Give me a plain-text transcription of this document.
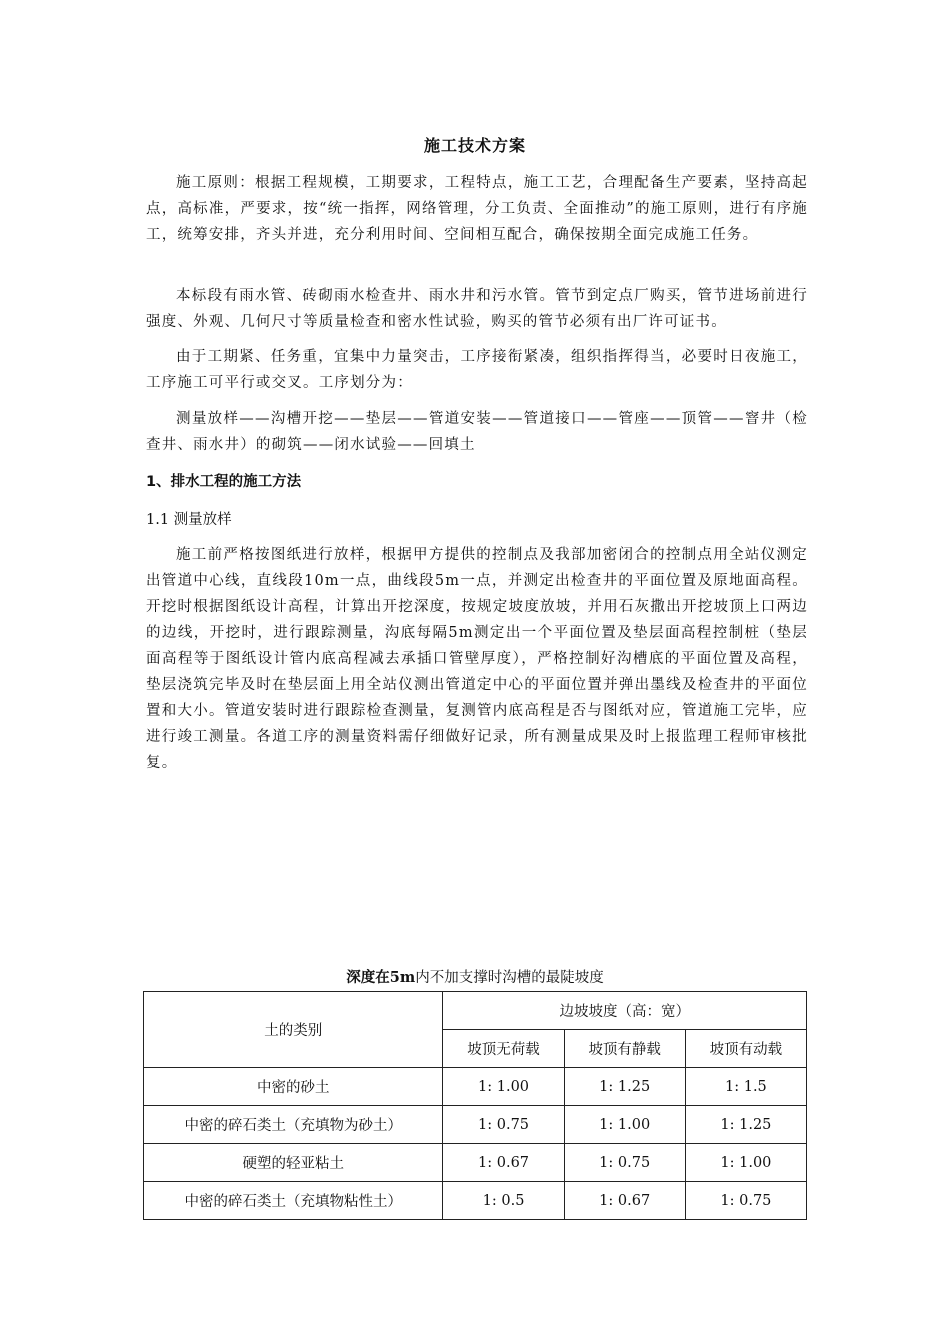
施工技术方案
施工原则：根据工程规模，工期要求，工程特点，施工工艺，合理配备生产要素，坚持高起点，高标准，严要求，按“统一指挥，网络管理，分工负责、全面推动”的施工原则，进行有序施工，统筹安排，齐头并进，充分利用时间、空间相互配合，确保按期全面完成施工任务。
本标段有雨水管、砖砌雨水检查井、雨水井和污水管。管节到定点厂购买，管节进场前进行强度、外观、几何尺寸等质量检查和密水性试验，购买的管节必须有出厂许可证书。
由于工期紧、任务重，宜集中力量突击，工序接衔紧凑，组织指挥得当，必要时日夜施工，工序施工可平行或交叉。工序划分为：
测量放样——沟槽开挖——垫层——管道安装——管道接口——管座——顶管——窨井（检查井、雨水井）的砌筑——闭水试验——回填土
1、排水工程的施工方法
1.1 测量放样
施工前严格按图纸进行放样，根据甲方提供的控制点及我部加密闭合的控制点用全站仪测定出管道中心线，直线段10m一点，曲线段5m一点，并测定出检查井的平面位置及原地面高程。开挖时根据图纸设计高程，计算出开挖深度，按规定坡度放坡，并用石灰撒出开挖坡顶上口两边的边线，开挖时，进行跟踪测量，沟底每隔5m测定出一个平面位置及垫层面高程控制桩（垫层面高程等于图纸设计管内底高程减去承插口管壁厚度），严格控制好沟槽底的平面位置及高程，垫层浇筑完毕及时在垫层面上用全站仪测出管道定中心的平面位置并弹出墨线及检查井的平面位置和大小。管道安装时进行跟踪检查测量，复测管内底高程是否与图纸对应，管道施工完毕，应进行竣工测量。各道工序的测量资料需仔细做好记录，所有测量成果及时上报监理工程师审核批复。
深度在5m内不加支撑时沟槽的最陡坡度
土的类别	边坡坡度（高：宽）		
	坡顶无荷载	坡顶有静载	坡顶有动载
中密的砂土	1: 1.00	1: 1.25	1: 1.5
中密的碎石类土（充填物为砂土）	1: 0.75	1: 1.00	1: 1.25
硬塑的轻亚粘土	1: 0.67	1: 0.75	1: 1.00
中密的碎石类土（充填物粘性土）	1: 0.5	1: 0.67	1: 0.75
